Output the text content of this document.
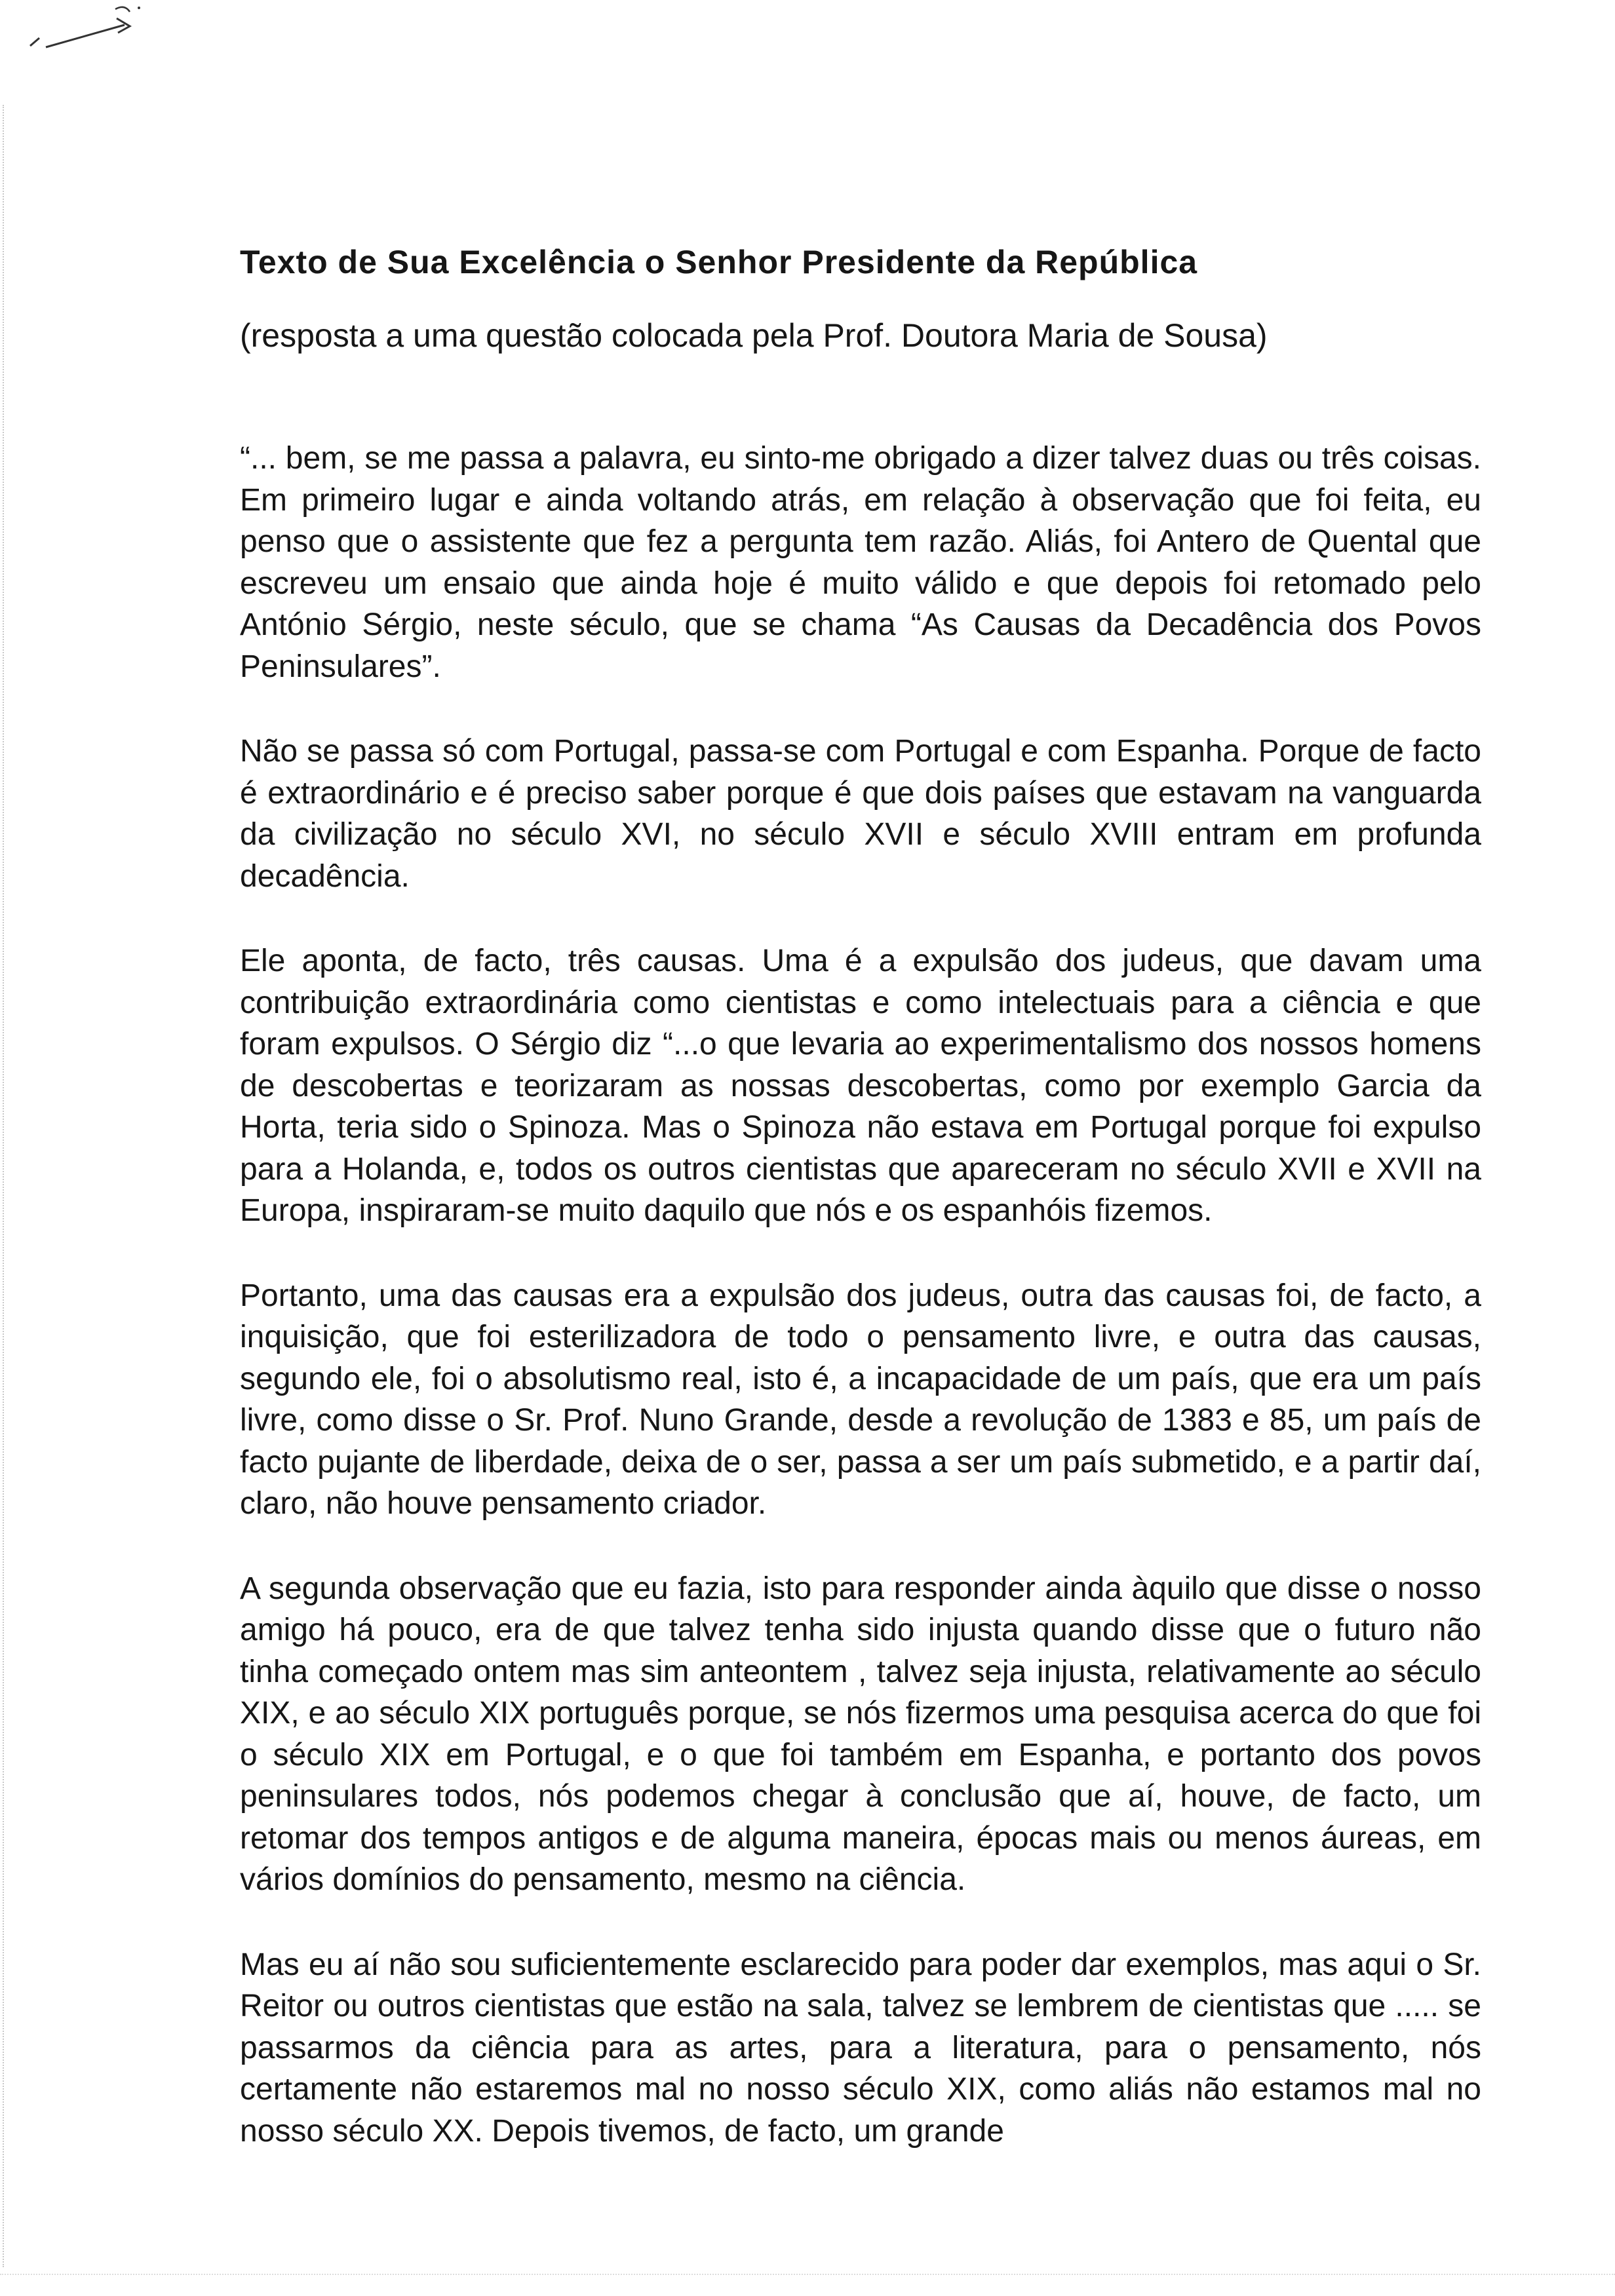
Texto de Sua Excelência o Senhor Presidente da República

(resposta a uma questão colocada pela Prof. Doutora Maria de Sousa)

“... bem, se me passa a palavra, eu sinto-me obrigado a dizer talvez duas ou três coisas. Em primeiro lugar e ainda voltando atrás, em relação à observação que foi feita, eu penso que o assistente que fez a pergunta tem razão. Aliás, foi Antero de Quental que escreveu um ensaio que ainda hoje é muito válido e que depois foi retomado pelo António Sérgio, neste século, que se chama “As Causas da Decadência dos Povos Peninsulares”.

Não se passa só com Portugal, passa-se com Portugal e com Espanha. Porque de facto é extraordinário e é preciso saber porque é que dois países que estavam na vanguarda da civilização no século XVI, no século XVII e século XVIII entram em profunda decadência.

Ele aponta, de facto, três causas. Uma é a expulsão dos judeus, que davam uma contribuição extraordinária como cientistas e como intelectuais para a ciência e que foram expulsos. O Sérgio diz “...o que levaria ao experimentalismo dos nossos homens de descobertas e teorizaram as nossas descobertas, como por exemplo Garcia da Horta, teria sido o Spinoza. Mas o Spinoza não estava em Portugal porque foi expulso para a Holanda, e, todos os outros cientistas que apareceram no século XVII e XVII na Europa, inspiraram-se muito daquilo que nós e os espanhóis fizemos.

Portanto, uma das causas era a expulsão dos judeus, outra das causas foi, de facto, a inquisição, que foi esterilizadora de todo o pensamento livre, e outra das causas, segundo ele, foi o absolutismo real, isto é, a incapacidade de um país, que era um país livre, como disse o Sr. Prof. Nuno Grande, desde a revolução de 1383 e 85, um país de facto pujante de liberdade, deixa de o ser, passa a ser um país submetido, e a partir daí, claro, não houve pensamento criador.

A segunda observação que eu fazia, isto para responder ainda àquilo que disse o nosso amigo há pouco, era de que talvez tenha sido injusta quando disse que o futuro não tinha começado ontem mas sim anteontem , talvez seja injusta, relativamente ao século XIX, e ao século XIX português porque, se nós fizermos uma pesquisa acerca do que foi o século XIX em Portugal, e o que foi também em Espanha, e portanto dos povos peninsulares todos, nós podemos chegar à conclusão que aí, houve, de facto, um retomar dos tempos antigos e de alguma maneira, épocas mais ou menos áureas, em vários domínios do pensamento, mesmo na ciência.

Mas eu aí não sou suficientemente esclarecido para poder dar exemplos, mas aqui o Sr. Reitor ou outros cientistas que estão na sala, talvez se lembrem de cientistas que ..... se passarmos da ciência para as artes, para a literatura, para o pensamento, nós certamente não estaremos mal no nosso século XIX, como aliás não estamos mal no nosso século XX. Depois tivemos, de facto, um grande
